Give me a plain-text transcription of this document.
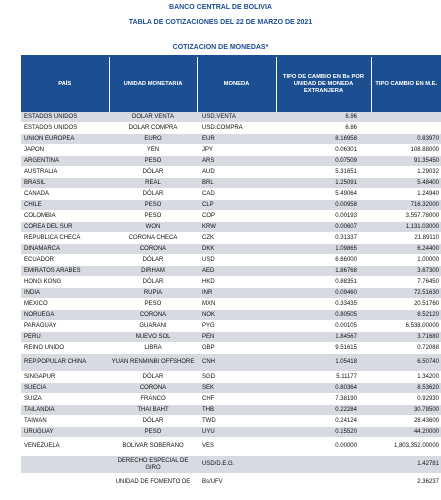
BANCO CENTRAL DE BOLIVIA
TABLA DE COTIZACIONES DEL 22 DE MARZO DE 2021
COTIZACION DE MONEDAS*
PAÍS	UNIDAD MONETARIA	MONEDA	TIPO DE CAMBIO EN Bs POR UNIDAD DE MONEDA EXTRANJERA	TIPO CAMBIO EN M.E.
ESTADOS UNIDOS	DOLAR VENTA	USD.VENTA	6.96	
ESTADOS UNIDOS	DOLAR COMPRA	USD.COMPRA	6.86	
UNION EUROPEA	EURO	EUR	8.16958	0.83970
JAPON	YEN	JPY	0.06301	108.88000
ARGENTINA	PESO	ARS	0.07509	91.35450
AUSTRALIA	DÓLAR	AUD	5.31651	1.29032
BRASIL	REAL	BRL	1.25091	5.48400
CANADA	DÓLAR	CAD	5.49064	1.24940
CHILE	PESO	CLP	0.00958	716.32000
COLOMBIA	PESO	COP	0.00193	3,557.78000
COREA DEL SUR	WON	KRW	0.00607	1,131.03000
REPUBLICA CHECA	CORONA CHECA	CZK	0.31337	21.89110
DINAMARCA	CORONA	DKK	1.09865	6.24400
ECUADOR	DÓLAR	USD	6.86000	1.00000
EMIRATOS ARABES	DIRHAM	AED	1.86768	3.67300
HONG KONG	DÓLAR	HKD	0.88351	7.76450
INDIA	RUPIA	INR	0.09460	72.51630
MEXICO	PESO	MXN	0.33435	20.51760
NORUEGA	CORONA	NOK	0.80505	8.52120
PARAGUAY	GUARANI	PYG	0.00105	6,538.00000
PERU	NUEVO SOL	PEN	1.84567	3.71680
REINO UNIDO	LIBRA	GBP	9.51615	0.72088
REP.POPULAR CHINA	YUAN RENMINBI OFFSHORE	CNH	1.05418	6.50740
SINGAPUR	DÓLAR	SGD	5.11177	1.34200
SUECIA	CORONA	SEK	0.80364	8.53620
SUIZA	FRANCO	CHF	7.38190	0.92930
TAILANDIA	THAI BAHT	THB	0.22284	30.78500
TAIWAN	DÓLAR	TWD	0.24124	28.43600
URUGUAY	PESO	UYU	0.15520	44.20000
VENEZUELA	BOLIVAR SOBERANO	VES	0.00000	1,803,352.00000
	DERECHO ESPECIAL DE GIRO	USD/D.E.G.		1.42781
	UNIDAD DE FOMENTO DE	Bs/UFV		2.36237
